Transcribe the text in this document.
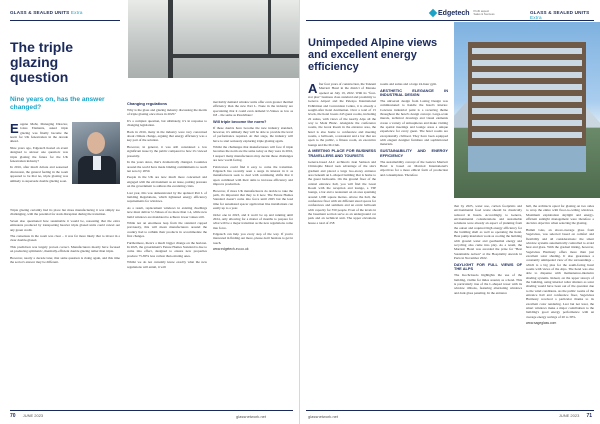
GLASS & SEALED UNITS Extra
The triple glazing question
Nine years on, has the answer changed?
E ugene Mohr, Managing Director, Glass Elements, asked triple glazing was finally become the norm for UK fenestration in the decade ahead.

Nine years ago, Edgetech hosted an event designed to answer one question: was triple glazing the future for the UK fenestration industry?

In 2016, after much debate and seasoned discussion, the general feeling in the room appeared to be that no, triple glazing was unlikely to supersede double glazing soon.

Triple glazing certainly had its place but mass manufacturing it was simply too challenging, with the potential for stark disruption during the transition.

Seven also questioned how sustainable it would be, reasoning that the extra emissions produced by transporting heavier triple glazed units could cancel out any green credit.

The consensus in the room was clear – it was far more likely that to invest in a clear double-glazed.

This prediction was largely proven correct. Manufacturers mostly have focused on producing symmetric, thermally-efficient double glazing rather than triple.

However, nearly a decade later, that same question is rising again, and this time the sector's answer may be different.

Changing regulations

Why is the glass and glazing industry discussing the merits of triple glazing once more in 2025?

It's a complex question, but ultimately, it's in response to changing legislation.

Back in 2016, many in the industry were very concerned about climate change, arguing that energy efficiency was a key part of the solution.

However, in general, it was still considered a low significant issue by the public compared to how it's viewed presently.

In the years since, that's dramatically changed. Countries around the world have made binding commitments to reach net zero by 2050.

People in the UK are now much more concerned and engaged with the environment as an issue, putting pressure on the government to address the escalating crisis.

Last year, this was demonstrated by the updated Part L of building Regulations, which tightened energy efficiency requirements for windows.

As a result, replacement windows in existing dwellings now must deliver U-Values of no more than 1.4, while new build windows are mandated to achieve lower values still.

While not an enormous leap from the standard capped previously, this will mean manufacturers around the country had to rethink their products in accommodate the first changes.

Furthermore, there's a much bigger change on the horizon. In 2025, the government's Future Homes Standard is due to come into effect, designed to ensure new properties produce 75-80% less carbon than existing ones.

Whilst we do not currently know exactly what the new regulations will entail, it will

inevitably demand window units offer even greater thermal efficiency than the new Part L. None in the industry are speculating that it could even demand U-Values as low as 0.8 – the same as Passivhaus!

Will triple become the norm?

If these doubts have become the new industry standard, however, it's unlikely they will be able to provide the level of performance required. At that stage, the industry will have to start seriously exploring triple glazing again.

Whilst the challenges that manufacturers will face if triple becomes the norm are the same today as they were in 2016, I suspect many manufacturers may decide those challenges are now worth facing.

Fabricators could find it easy to come the transition. Edgetech has recently seen a surge in interest in it as manufacturers seek to deal with continuing shifts that it upon combined with their aims to increase efficiency and improve production.

However, if more UK manufacturers do decide to take the path, it's important that they to it now. The Future Homes Standard doesn't come into force until 2025 but the lead time for automated spacer application line installations can easily up to a year.

Order one in 2023, and it won't be up and running until 2024, only allowing for a matter of months to prepare for what will be a major transition as the new regulations come into force.

Edgetech can help you every step of the way. If you're interested in finding out more, please don't hesitate to get in touch.

www.edgetech-eu.co.uk

70 JUNE 2023	glassnetwork.net
Edgetech Profit aspect
Sales & Success	GLASS & SEALED UNITS Extra
Unimpeded Alpine views and excellent energy efficiency
A fter four years of construction, the Tanzeni Marriott Hotel in the district of Merano opened on July 19, 2022. With its "four-star plus" business class standard and proximity to Genova Airport and the Palexpo International Exhibition and Convention Centre, it is already a sought-after hotel destination. Over a total of 15 levels, the hotel boasts 243 guest rooms, including 22 suites, with views of the nearby Alps all the way to Mont Blanc. Alongside the conference rooms, the Great Room in the entrance area, the hotel is also home to conference and meeting rooms, a ballroom, a restaurant and a bar that are open to the public, a fitness room, an executive lounge and the M-Club.

A MEETING PLACE FOR BUSINESS TRAVELLERS AND TOURISTS

Geneva-based ALC architects Jean Samson and Christophe Morel took advantage of the site's gradient and placed a large two-storey entrance area beneath an L-shaped building that is home to the guest bedrooms. On the ground floor of the central entrance hall, you will find the Great Room with the reception and lounge, a VIP lounge, a bar and a restaurant on an area spanning around 1,000 square metres. Above the hall, the conference floor with six different sized spaces for conferences and seminars and an event ballroom with capacity for 350 people. Even of the levels in the basement section serve as an underground car park and an technical unit. The upper elevations house a total of 258

rooms and suites and a large 24-hour gym.

AESTHETIC ELEGANCE IN INDUSTRIAL DESIGN

The universal design from Lazing Design was commissioned to handle the hotel's interior. Concrete industrial paint is a recurring theme throughout the hotel's design concept. Large-scale murals, technical drawings and visual elements create a variety of atmospheres and make visiting the spatial meetings and lounge areas a unique experience for every guest. The hotel rooms are exceptionally civilised. They have been equipped with elegant designer furniture and sophisticated materials.

SUSTAINABILITY AND ENERGY EFFICIENCY

The sustainability concept of the Geneva Marriott Hotel is based on Marriott International's objectives for a more ethical form of production and consumption. Therefore

that by 2025, water use, carbon footprints and environmental food waste should be drastically reduced in hotels. Accordingly, to Geneva, environmental considerations and sustainable solutions were already an aspect of planning from the outset and required high energy efficiency for the building shell as well as operating the hotel. Heat pump insulation work as cooling the building with ground water and geothermal energy and recycling also came into play. As a result, the Marriott Hotel was awarded the prize for "Best Sustainable Action" at the Hospitality Awards in Paris in November 2022.

DAYLIGHT FOR FULL VIEWS OF THE ALPS

The Kochcloudo highlights the use of the building, visible for miles around, as a hotel. This is particularly true of the L-shaped tower with its window ribbons, featuring alternating windows and dark glass paneling. In the entrance

hall, the architects opted for glazing on two sides to wrap the entire with floor-to-ceiling windows. Maximum exploitation daylight and energy-efficient sunlight management were therefore a decisive objective when selecting the glazing.

Hamm Glas, an above-average glass from SageGlass, was selected based on comfort and flexibility and all considerations: the smart window systems automatically controlled to avoid heat and glare. With the gradual tinting, however, SageGlass Harmony offers more than just excellent solar shading. It also guarantees a constantly unimpeded view of the surroundings – which is a big plus for the south-facing hotel rooms with views of the Alps. The hotel was also able to dispense with maintenance-intensive shading systems. Indeed, on the upper storeys of the building, using internal roller shutters as solar shading would have been out of the question due to the wind conditions. As the public rooms of the entrance hall and conference floor, SageGlass Harmony received a particular thanks to its excellent color rendering. Last but not least, the smart windows make a major contribution to the building's good energy performance with an average energy savings of 20 to 30%.

www.sageglass.com

glassnetwork.net	JUNE 2023 71
